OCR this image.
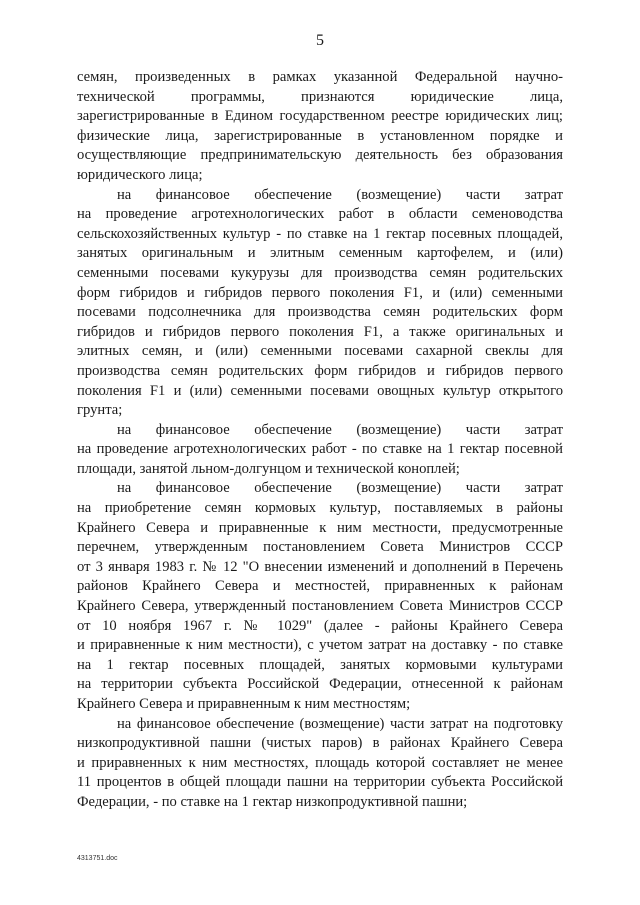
5
семян, произведенных в рамках указанной Федеральной научно-
технической программы, признаются юридические лица,
зарегистрированные в Едином государственном реестре юридических лиц;
физические лица, зарегистрированные в установленном порядке и
осуществляющие предпринимательскую деятельность без образования
юридического лица;
на финансовое обеспечение (возмещение) части затрат
на проведение агротехнологических работ в области семеноводства
сельскохозяйственных культур - по ставке на 1 гектар посевных площадей,
занятых оригинальным и элитным семенным картофелем, и (или)
семенными посевами кукурузы для производства семян родительских
форм гибридов и гибридов первого поколения F1, и (или) семенными
посевами подсолнечника для производства семян родительских форм
гибридов и гибридов первого поколения F1, а также оригинальных и
элитных семян, и (или) семенными посевами сахарной свеклы для
производства семян родительских форм гибридов и гибридов первого
поколения F1 и (или) семенными посевами овощных культур открытого
грунта;
на финансовое обеспечение (возмещение) части затрат
на проведение агротехнологических работ - по ставке на 1 гектар посевной
площади, занятой льном-долгунцом и технической коноплей;
на финансовое обеспечение (возмещение) части затрат
на приобретение семян кормовых культур, поставляемых в районы
Крайнего Севера и приравненные к ним местности, предусмотренные
перечнем, утвержденным постановлением Совета Министров СССР
от 3 января 1983 г. № 12 "О внесении изменений и дополнений в Перечень
районов Крайнего Севера и местностей, приравненных к районам
Крайнего Севера, утвержденный постановлением Совета Министров СССР
от 10 ноября 1967 г. № 1029" (далее - районы Крайнего Севера
и приравненные к ним местности), с учетом затрат на доставку - по ставке
на 1 гектар посевных площадей, занятых кормовыми культурами
на территории субъекта Российской Федерации, отнесенной к районам
Крайнего Севера и приравненным к ним местностям;
на финансовое обеспечение (возмещение) части затрат на подготовку
низкопродуктивной пашни (чистых паров) в районах Крайнего Севера
и приравненных к ним местностях, площадь которой составляет не менее
11 процентов в общей площади пашни на территории субъекта Российской
Федерации, - по ставке на 1 гектар низкопродуктивной пашни;
4313751.doc
